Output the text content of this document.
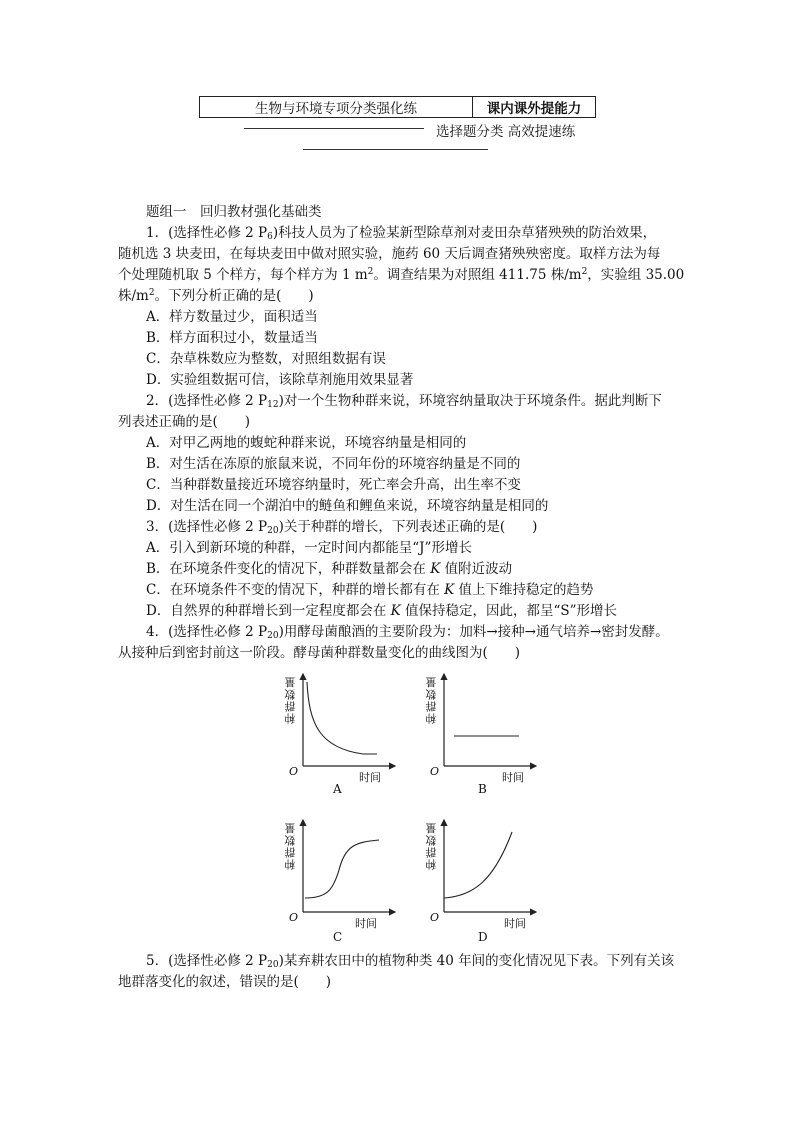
生物与环境专项分类强化练	课内课外提能力
选择题分类 高效提速练

题组一　回归教材强化基础类

1．(选择性必修 2 $P_6$)科技人员为了检验某新型除草剂对麦田杂草猪殃殃的防治效果，

随机选 3 块麦田，在每块麦田中做对照实验，施药 60 天后调查猪殃殃密度。取样方法为每

个处理随机取 5 个样方，每个样方为 1 $m^2$。调查结果为对照组 411.75 株$/m^2$，实验组 35.00

株$/m^2$。下列分析正确的是(　　)

A．样方数量过少，面积适当

B．样方面积过小，数量适当

C．杂草株数应为整数，对照组数据有误

D．实验组数据可信，该除草剂施用效果显著

2．(选择性必修 2 $P_{12}$)对一个生物种群来说，环境容纳量取决于环境条件。据此判断下

列表述正确的是(　　)

A．对甲乙两地的蝮蛇种群来说，环境容纳量是相同的

B．对生活在冻原的旅鼠来说，不同年份的环境容纳量是不同的

C．当种群数量接近环境容纳量时，死亡率会升高，出生率不变

D．对生活在同一个湖泊中的鲢鱼和鲤鱼来说，环境容纳量是相同的

3．(选择性必修 2 $P_{20}$)关于种群的增长，下列表述正确的是(　　)

A．引入到新环境的种群，一定时间内都能呈“J”形增长

B．在环境条件变化的情况下，种群数量都会在 K 值附近波动

C．在环境条件不变的情况下，种群的增长都有在 K 值上下维持稳定的趋势

D．自然界的种群增长到一定程度都会在 K 值保持稳定，因此，都呈“S”形增长

4．(选择性必修 2 $P_{20}$)用酵母菌酿酒的主要阶段为：加料→接种→通气培养→密封发酵。

从接种后到密封前这一阶段。酵母菌种群数量变化的曲线图为(　　)

种群数量
O	时间
A
种群数量
O	时间
B
种群数量
O	时间
C
种群数量
O	时间
D

5．(选择性必修 2 $P_{20}$)某弃耕农田中的植物种类 40 年间的变化情况见下表。下列有关该

地群落变化的叙述，错误的是(　　)
